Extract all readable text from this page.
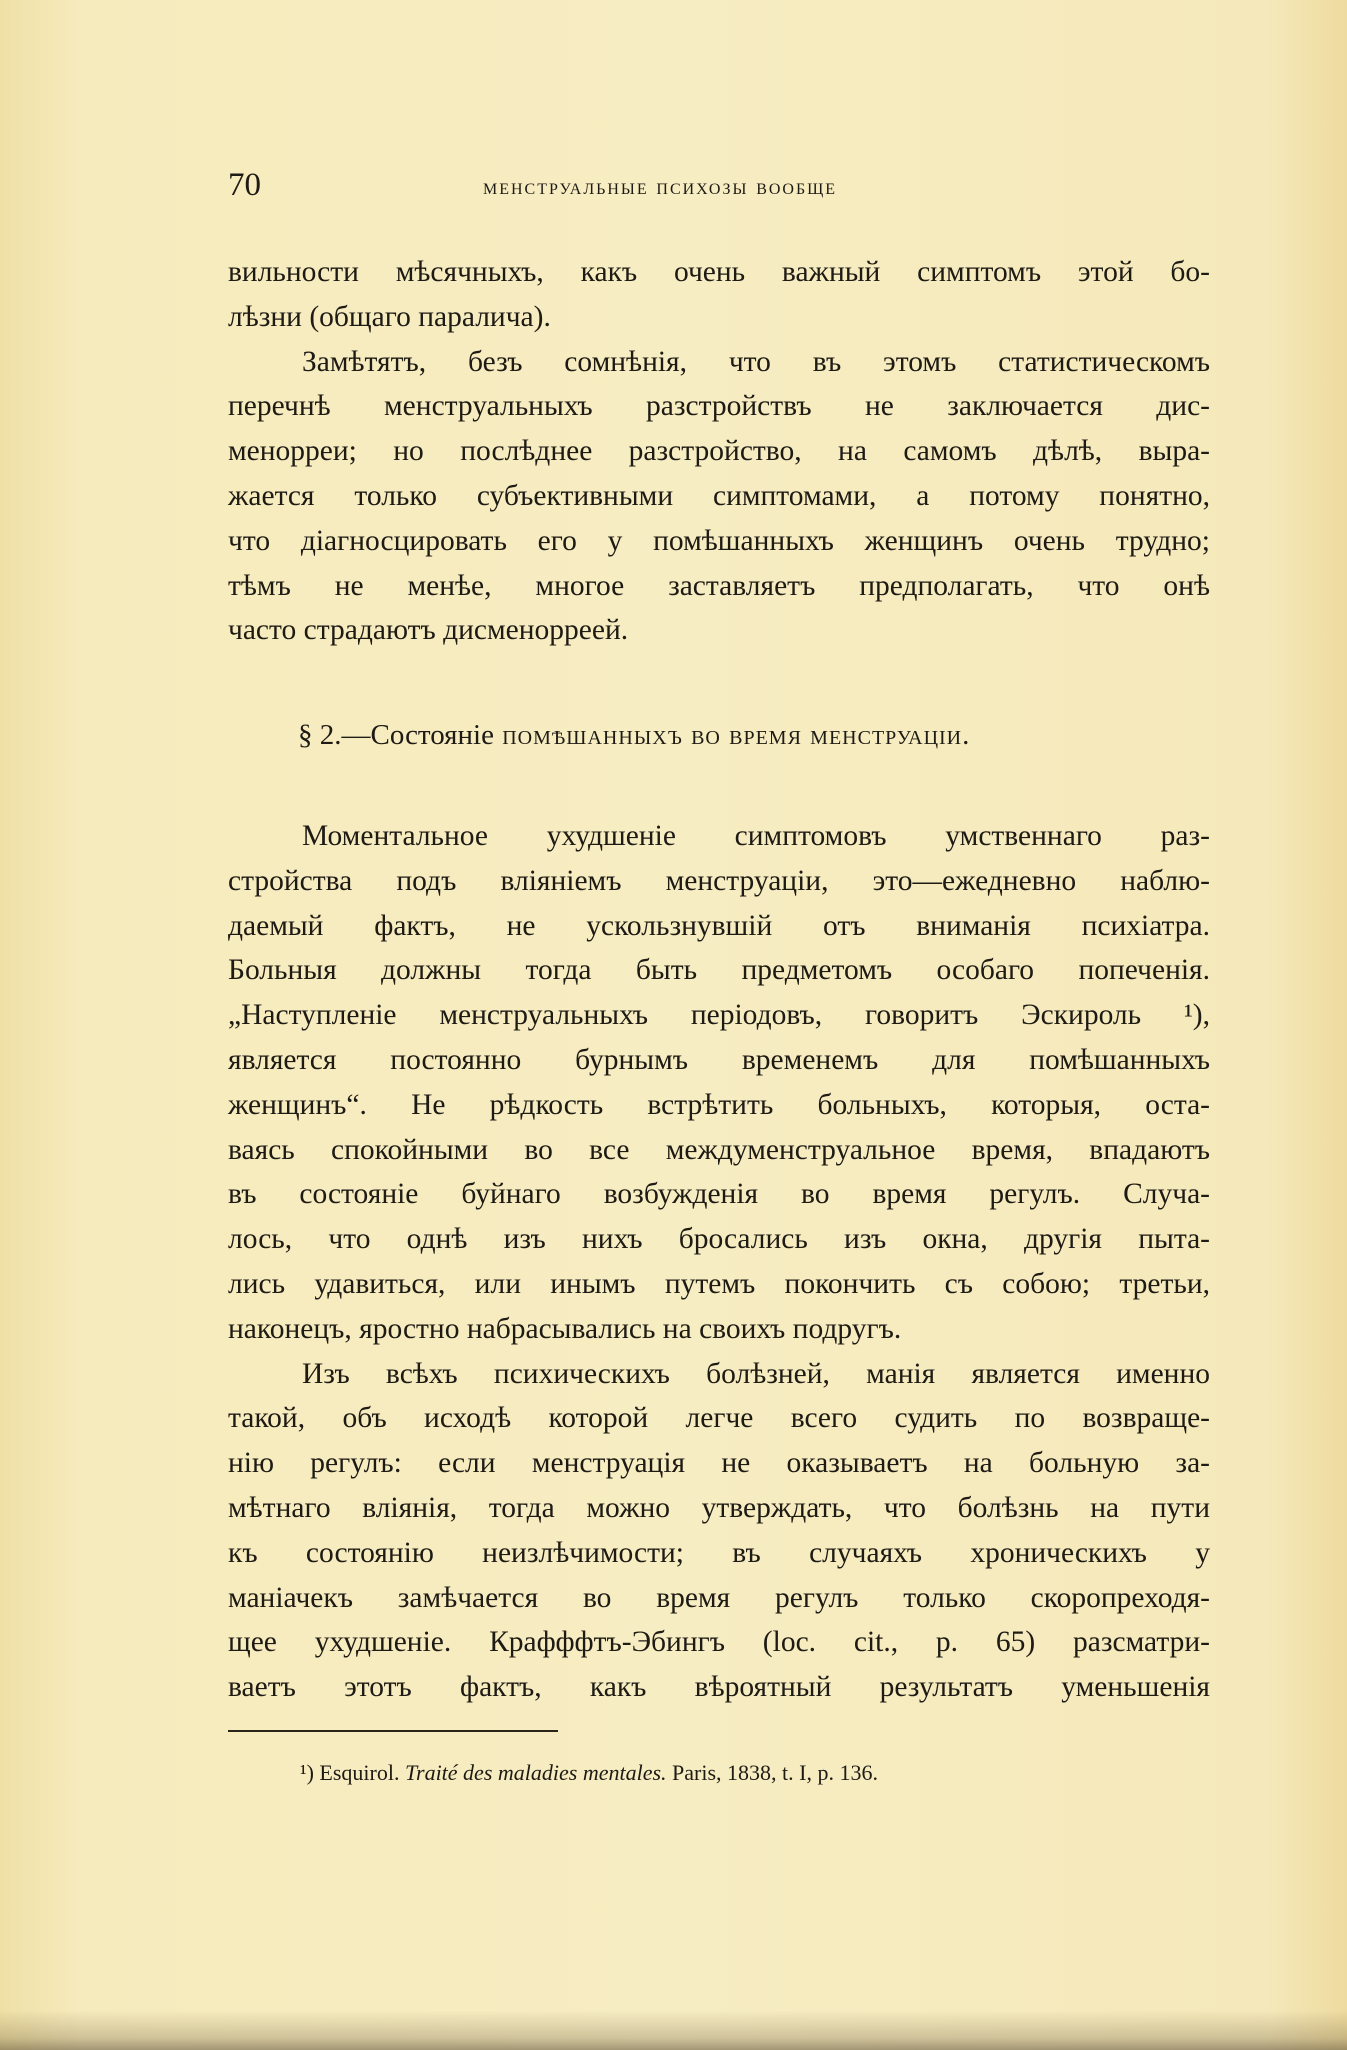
70	менструальные психозы вообще
вильности мѣсячныхъ, какъ очень важный симптомъ этой бо-
лѣзни (общаго паралича).
Замѣтятъ, безъ сомнѣнія, что въ этомъ статистическомъ
перечнѣ менструальныхъ разстройствъ не заключается дис-
менорреи; но послѣднее разстройство, на самомъ дѣлѣ, выра-
жается только субъективными симптомами, а потому понятно,
что діагносцировать его у помѣшанныхъ женщинъ очень трудно;
тѣмъ не менѣе, многое заставляетъ предполагать, что онѣ
часто страдаютъ дисменорреей.
§ 2.—Состояніе помѣшанныхъ во время менструаціи.
Моментальное ухудшеніе симптомовъ умственнаго раз-
стройства подъ вліяніемъ менструаціи, это—ежедневно наблю-
даемый фактъ, не ускользнувшій отъ вниманія психіатра.
Больныя должны тогда быть предметомъ особаго попеченія.
„Наступленіе менструальныхъ періодовъ, говоритъ Эскироль ¹),
является постоянно бурнымъ временемъ для помѣшанныхъ
женщинъ“. Не рѣдкость встрѣтить больныхъ, которыя, оста-
ваясь спокойными во все междуменструальное время, впадаютъ
въ состояніе буйнаго возбужденія во время регулъ. Случа-
лось, что однѣ изъ нихъ бросались изъ окна, другія пыта-
лись удавиться, или инымъ путемъ покончить съ собою; третьи,
наконецъ, яростно набрасывались на своихъ подругъ.
Изъ всѣхъ психическихъ болѣзней, манія является именно
такой, объ исходѣ которой легче всего судить по возвраще-
нію регулъ: если менструація не оказываетъ на больную за-
мѣтнаго вліянія, тогда можно утверждать, что болѣзнь на пути
къ состоянію неизлѣчимости; въ случаяхъ хроническихъ у
маніачекъ замѣчается во время регулъ только скоропреходя-
щее ухудшеніе. Крафффтъ-Эбингъ (loc. cit., p. 65) разсматри-
ваетъ этотъ фактъ, какъ вѣроятный результатъ уменьшенія
¹) Esquirol. Traité des maladies mentales. Paris, 1838, t. I, p. 136.
